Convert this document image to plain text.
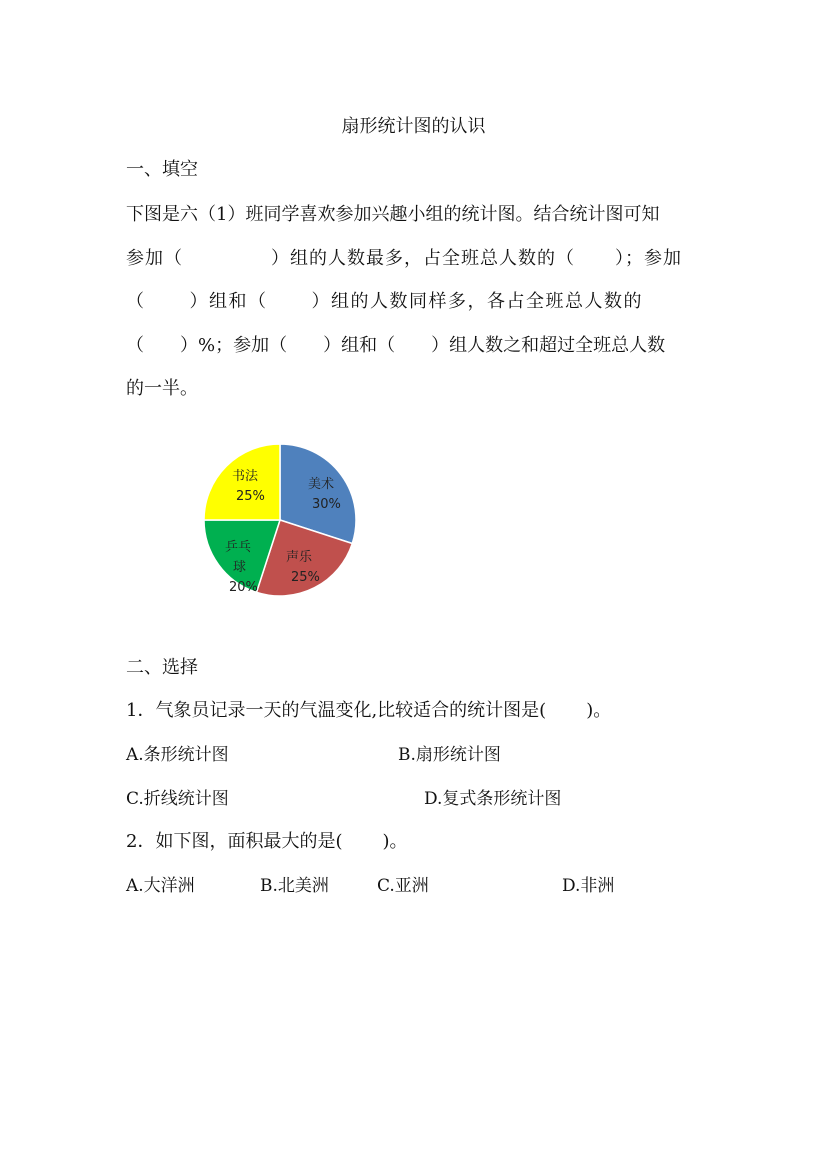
扇形统计图的认识
一、填空
下图是六（1）班同学喜欢参加兴趣小组的统计图。结合统计图可知
参加（	）组的人数最多，占全班总人数的（ ）；参加
（ ）组和（ ）组的人数同样多，各占全班总人数的
（ ）%；参加（ ）组和（ ）组人数之和超过全班总人数
的一半。
美术
30%
书法
25%
声乐
25%
乒乓
球
20%
二、选择
1．气象员记录一天的气温变化,比较适合的统计图是( )。
A.条形统计图	B.扇形统计图
C.折线统计图	D.复式条形统计图
2．如下图，面积最大的是( )。
A.大洋洲	B.北美洲	C.亚洲	D.非洲
